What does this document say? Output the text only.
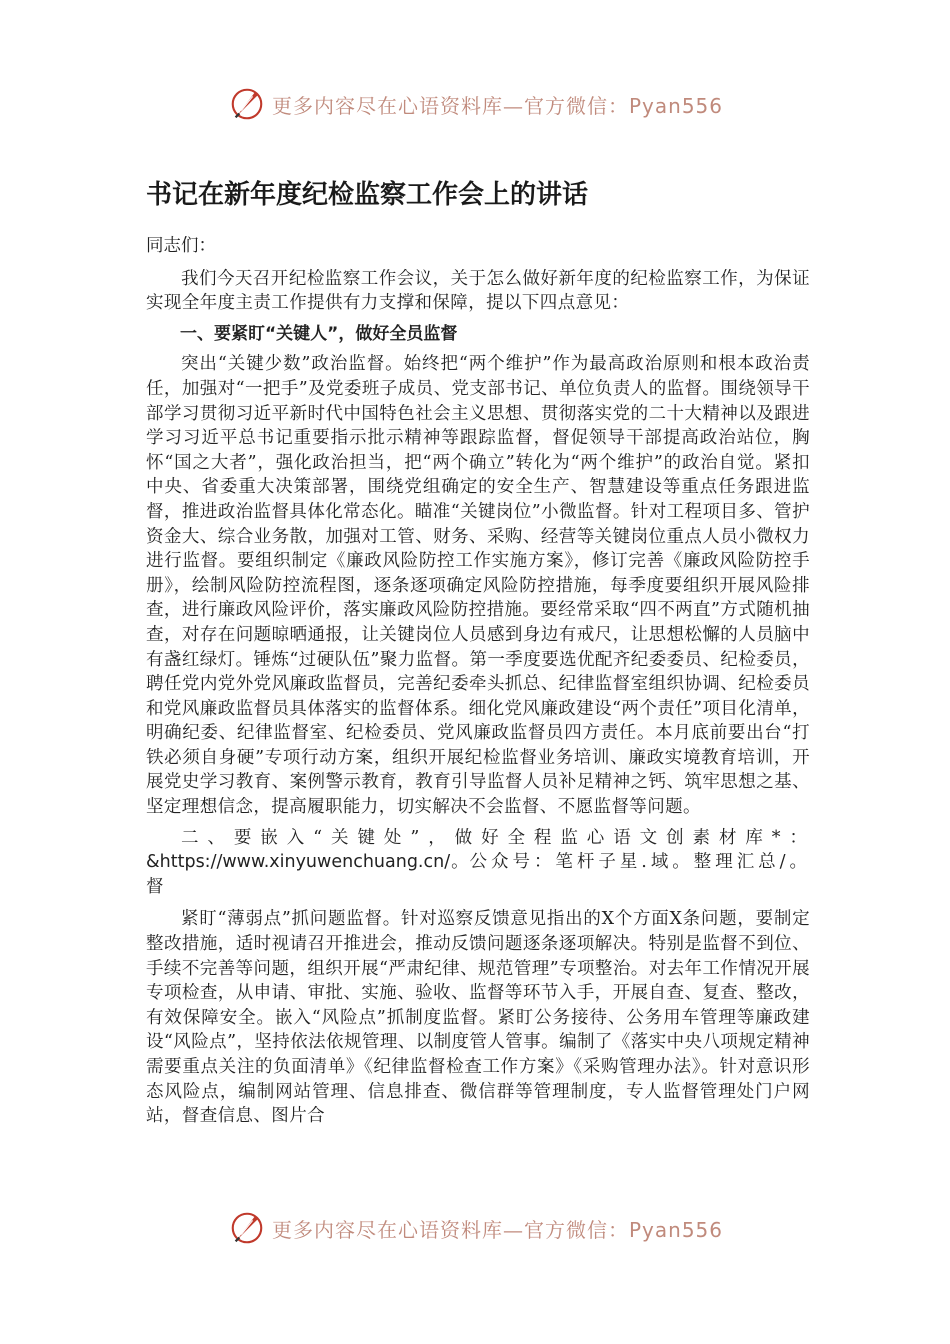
更多内容尽在心语资料库—官方微信：Pyan556
书记在新年度纪检监察工作会上的讲话

同志们：

我们今天召开纪检监察工作会议，关于怎么做好新年度的纪检监察工作，为保证实现全年度主责工作提供有力支撑和保障，提以下四点意见：

一、要紧盯“关键人”，做好全员监督

突出“关键少数”政治监督。始终把“两个维护”作为最高政治原则和根本政治责任，加强对“一把手”及党委班子成员、党支部书记、单位负责人的监督。围绕领导干部学习贯彻习近平新时代中国特色社会主义思想、贯彻落实党的二十大精神以及跟进学习习近平总书记重要指示批示精神等跟踪监督，督促领导干部提高政治站位，胸怀“国之大者”，强化政治担当，把“两个确立”转化为“两个维护”的政治自觉。紧扣中央、省委重大决策部署，围绕党组确定的安全生产、智慧建设等重点任务跟进监督，推进政治监督具体化常态化。瞄准“关键岗位”小微监督。针对工程项目多、管护资金大、综合业务散，加强对工管、财务、采购、经营等关键岗位重点人员小微权力进行监督。要组织制定《廉政风险防控工作实施方案》，修订完善《廉政风险防控手册》，绘制风险防控流程图，逐条逐项确定风险防控措施，每季度要组织开展风险排查，进行廉政风险评价，落实廉政风险防控措施。要经常采取“四不两直”方式随机抽查，对存在问题晾晒通报，让关键岗位人员感到身边有戒尺，让思想松懈的人员脑中有盏红绿灯。锤炼“过硬队伍”聚力监督。第一季度要选优配齐纪委委员、纪检委员，聘任党内党外党风廉政监督员，完善纪委牵头抓总、纪律监督室组织协调、纪检委员和党风廉政监督员具体落实的监督体系。细化党风廉政建设“两个责任”项目化清单，明确纪委、纪律监督室、纪检委员、党风廉政监督员四方责任。本月底前要出台“打铁必须自身硬”专项行动方案，组织开展纪检监督业务培训、廉政实境教育培训，开展党史学习教育、案例警示教育，教育引导监督人员补足精神之钙、筑牢思想之基、坚定理想信念，提高履职能力，切实解决不会监督、不愿监督等问题。

二、要嵌入“关键处”，做好全程监心语文创素材库*：&https://www.xinyuwenchuang.cn/。公众号：笔杆子星.域。整理汇总/。督

紧盯“薄弱点”抓问题监督。针对巡察反馈意见指出的X个方面X条问题，要制定整改措施，适时视请召开推进会，推动反馈问题逐条逐项解决。特别是监督不到位、手续不完善等问题，组织开展“严肃纪律、规范管理”专项整治。对去年工作情况开展专项检查，从申请、审批、实施、验收、监督等环节入手，开展自查、复查、整改，有效保障安全。嵌入“风险点”抓制度监督。紧盯公务接待、公务用车管理等廉政建设“风险点”，坚持依法依规管理、以制度管人管事。编制了《落实中央八项规定精神需要重点关注的负面清单》《纪律监督检查工作方案》《采购管理办法》。针对意识形态风险点，编制网站管理、信息排查、微信群等管理制度，专人监督管理处门户网站，督查信息、图片合

更多内容尽在心语资料库—官方微信：Pyan556
